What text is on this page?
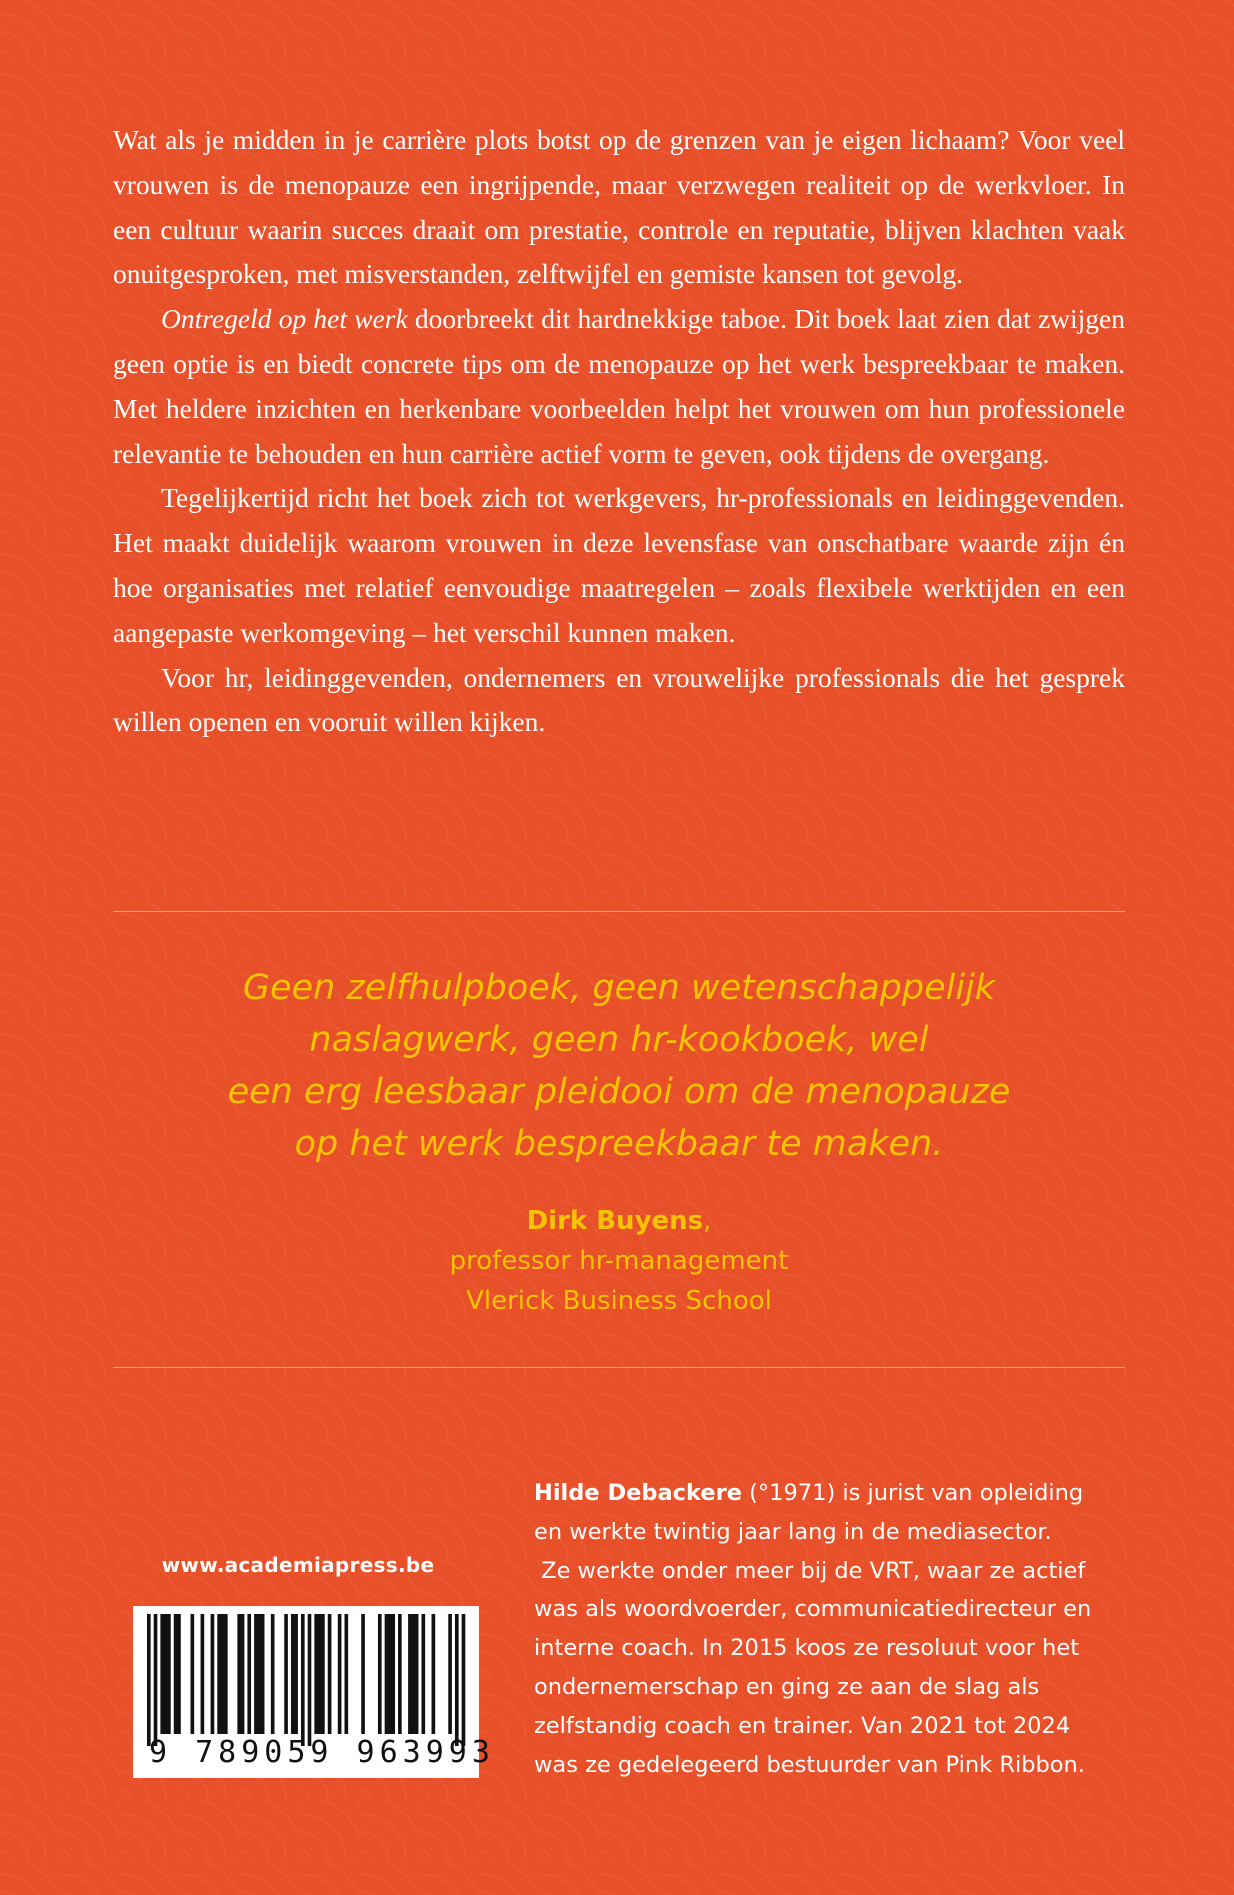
Wat als je midden in je carrière plots botst op de grenzen van je eigen lichaam? Voor veel vrouwen is de menopauze een ingrijpende, maar verzwegen realiteit op de werkvloer. In een cultuur waarin succes draait om prestatie, controle en reputatie, blijven klachten vaak onuitgesproken, met misverstanden, zelftwijfel en gemiste kansen tot gevolg.

Ontregeld op het werk doorbreekt dit hardnekkige taboe. Dit boek laat zien dat zwijgen geen optie is en biedt concrete tips om de menopauze op het werk bespreekbaar te maken. Met heldere inzichten en herkenbare voorbeelden helpt het vrouwen om hun professionele relevantie te behouden en hun carrière actief vorm te geven, ook tijdens de overgang.

Tegelijkertijd richt het boek zich tot werkgevers, hr-professionals en leidinggevenden. Het maakt duidelijk waarom vrouwen in deze levensfase van onschatbare waarde zijn én hoe organisaties met relatief eenvoudige maatregelen – zoals flexibele werktijden en een aangepaste werkomgeving – het verschil kunnen maken.

Voor hr, leidinggevenden, ondernemers en vrouwelijke professionals die het gesprek willen openen en vooruit willen kijken.

Geen zelfhulpboek, geen wetenschappelijk
naslagwerk, geen hr-kookboek, wel
een erg leesbaar pleidooi om de menopauze
op het werk bespreekbaar te maken.
Dirk Buyens,
professor hr-management
Vlerick Business School
Hilde Debackere (°1971) is jurist van opleiding
en werkte twintig jaar lang in de mediasector.
Ze werkte onder meer bij de VRT, waar ze actief
was als woordvoerder, communicatiedirecteur en
interne coach. In 2015 koos ze resoluut voor het
ondernemerschap en ging ze aan de slag als
zelfstandig coach en trainer. Van 2021 tot 2024
was ze gedelegeerd bestuurder van Pink Ribbon.
www.academiapress.be
9 789059 963993
